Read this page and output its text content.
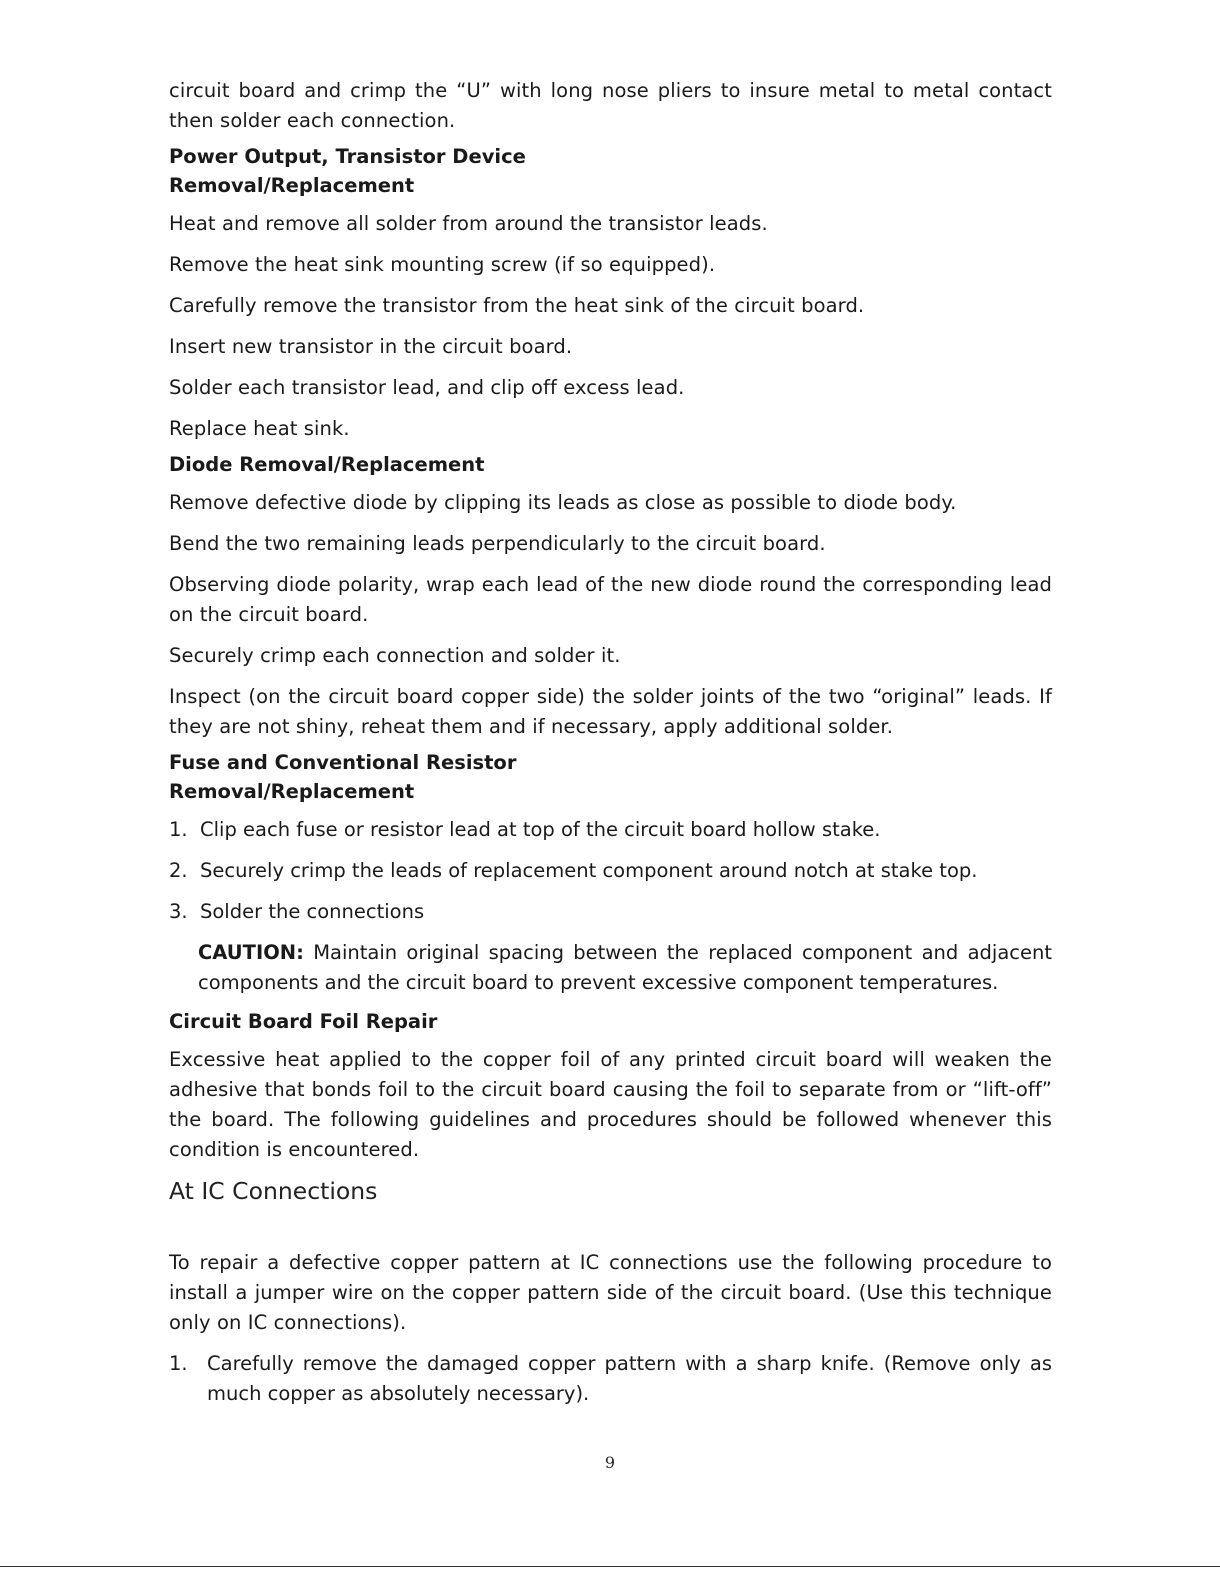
circuit board and crimp the “U” with long nose pliers to insure metal to metal contact then solder each connection.

Power Output, Transistor Device
Removal/Replacement

Heat and remove all solder from around the transistor leads.

Remove the heat sink mounting screw (if so equipped).

Carefully remove the transistor from the heat sink of the circuit board.

Insert new transistor in the circuit board.

Solder each transistor lead, and clip off excess lead.

Replace heat sink.

Diode Removal/Replacement

Remove defective diode by clipping its leads as close as possible to diode body.

Bend the two remaining leads perpendicularly to the circuit board.

Observing diode polarity, wrap each lead of the new diode round the corresponding lead on the circuit board.

Securely crimp each connection and solder it.

Inspect (on the circuit board copper side) the solder joints of the two “original” leads. If they are not shiny, reheat them and if necessary, apply additional solder.

Fuse and Conventional Resistor
Removal/Replacement
1. Clip each fuse or resistor lead at top of the circuit board hollow stake.
2. Securely crimp the leads of replacement component around notch at stake top.
3. Solder the connections

CAUTION: Maintain original spacing between the replaced component and adjacent components and the circuit board to prevent excessive component temperatures.

Circuit Board Foil Repair

Excessive heat applied to the copper foil of any printed circuit board will weaken the adhesive that bonds foil to the circuit board causing the foil to separate from or “lift-off” the board. The following guidelines and procedures should be followed whenever this condition is encountered.

At IC Connections

To repair a defective copper pattern at IC connections use the following procedure to install a jumper wire on the copper pattern side of the circuit board. (Use this technique only on IC connections).

1. Carefully remove the damaged copper pattern with a sharp knife. (Remove only as much copper as absolutely necessary).
9
